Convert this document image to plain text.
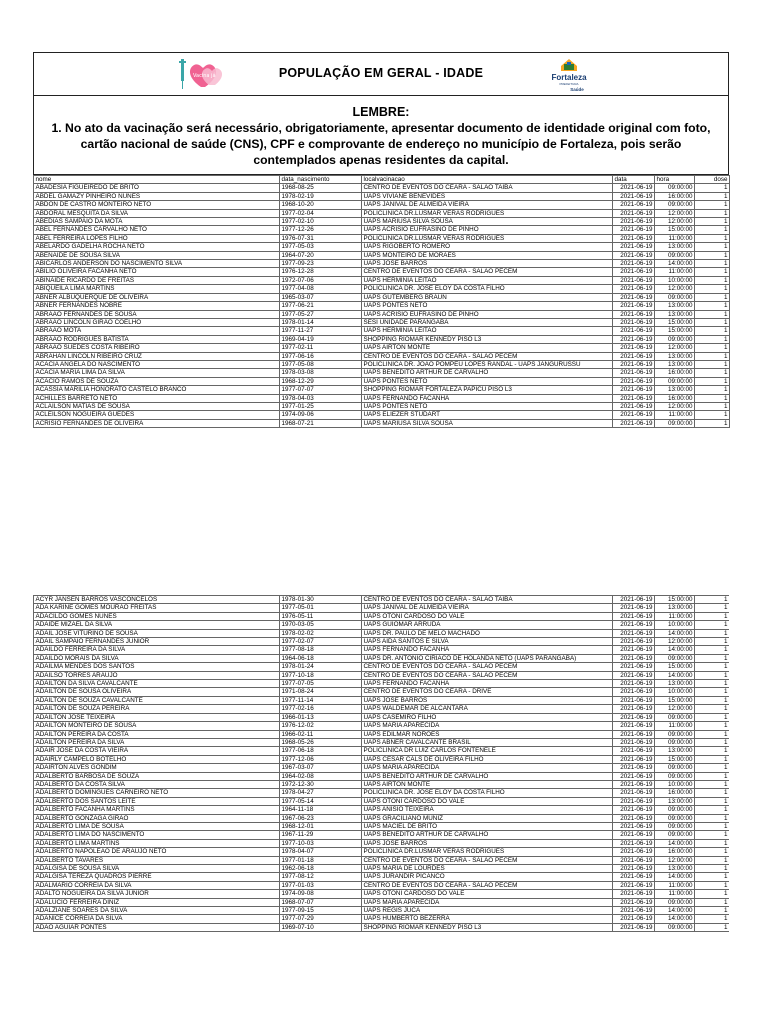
Vacina já	POPULAÇÃO EM GERAL - IDADE	Fortaleza
PREFEITURA
Saúde
LEMBRE:
1. No ato da vacinação será necessário, obrigatoriamente, apresentar documento de identidade original com foto, cartão nacional de saúde (CNS), CPF e comprovante de endereço no município de Fortaleza, pois serão contemplados apenas residentes da capital.
nome	data_nascimento	localvacinacao	data	hora	dose
ABADESIA FIGUEIREDO DE BRITO	1968-08-25	CENTRO DE EVENTOS DO CEARA - SALAO TAIBA	2021-06-19	09:00:00	1
ABDEL GAMAZY PINHEIRO NUNES	1978-02-19	UAPS VIVIANE BENEVIDES	2021-06-19	16:00:00	1
ABDON DE CASTRO MONTEIRO NETO	1968-10-20	UAPS JANIVAL DE ALMEIDA VIEIRA	2021-06-19	09:00:00	1
ABDORAL MESQUITA DA SILVA	1977-02-04	POLICLINICA DR.LUSMAR VERAS RODRIGUES	2021-06-19	12:00:00	1
ABEDIAS SAMPAIO DA MOTA	1977-02-10	UAPS MARIUSA SILVA SOUSA	2021-06-19	12:00:00	1
ABEL FERNANDES CARVALHO NETO	1977-12-26	UAPS ACRISIO EUFRASINO DE PINHO	2021-06-19	15:00:00	1
ABEL FERREIRA LOPES FILHO	1976-07-31	POLICLINICA DR.LUSMAR VERAS RODRIGUES	2021-06-19	11:00:00	1
ABELARDO GADELHA ROCHA NETO	1977-05-03	UAPS RIGOBERTO ROMERO	2021-06-19	13:00:00	1
ABENAIDE DE SOUSA SILVA	1964-07-20	UAPS MONTEIRO DE MORAES	2021-06-19	09:00:00	1
ABICARLOS ANDERSON DO NASCIMENTO SILVA	1977-09-23	UAPS JOSE BARROS	2021-06-19	14:00:00	1
ABILIO OLIVEIRA FACANHA NETO	1976-12-28	CENTRO DE EVENTOS DO CEARA - SALAO PECEM	2021-06-19	11:00:00	1
ABINAIDE RICARDO DE FREITAS	1972-07-06	UAPS HERMINIA LEITAO	2021-06-19	10:00:00	1
ABIQUEILA LIMA MARTINS	1977-04-08	POLICLINICA DR. JOSE ELOY DA COSTA FILHO	2021-06-19	12:00:00	1
ABNER ALBUQUERQUE DE OLIVEIRA	1965-03-07	UAPS GUTEMBERG BRAUN	2021-06-19	09:00:00	1
ABNER FERNANDES NOBRE	1977-06-21	UAPS PONTES NETO	2021-06-19	13:00:00	1
ABRAAO FERNANDES DE SOUSA	1977-05-27	UAPS ACRISIO EUFRASINO DE PINHO	2021-06-19	13:00:00	1
ABRAAO LINCOLN GIRAO COELHO	1978-01-14	SESI UNIDADE PARANGABA	2021-06-19	15:00:00	1
ABRAAO MOTA	1977-11-27	UAPS HERMINIA LEITAO	2021-06-19	15:00:00	1
ABRAAO RODRIGUES BATISTA	1969-04-19	SHOPPING RIOMAR KENNEDY PISO L3	2021-06-19	09:00:00	1
ABRAAO SUEDES COSTA RIBEIRO	1977-02-11	UAPS AIRTON MONTE	2021-06-19	12:00:00	1
ABRAHAN LINCOLN RIBEIRO CRUZ	1977-06-16	CENTRO DE EVENTOS DO CEARA - SALAO PECEM	2021-06-19	13:00:00	1
ACACIA ANGELA DO NASCIMENTO	1977-05-08	POLICLINICA DR. JOAO POMPEU LOPES RANDAL - UAPS JANGURUSSU	2021-06-19	13:00:00	1
ACACIA MARIA LIMA DA SILVA	1978-03-08	UAPS BENEDITO ARTHUR DE CARVALHO	2021-06-19	16:00:00	1
ACACIO RAMOS DE SOUZA	1968-12-29	UAPS PONTES NETO	2021-06-19	09:00:00	1
ACASSIA MARILIA HONORATO CASTELO BRANCO	1977-07-07	SHOPPING RIOMAR FORTALEZA PAPICU PISO L3	2021-06-19	13:00:00	1
ACHILLES BARRETO NETO	1978-04-03	UAPS FERNANDO FACANHA	2021-06-19	16:00:00	1
ACLAILSON MATIAS DE SOUSA	1977-01-25	UAPS PONTES NETO	2021-06-19	12:00:00	1
ACLEILSON NOGUEIRA GUEDES	1974-09-06	UAPS ELIEZER STUDART	2021-06-19	11:00:00	1
ACRISIO FERNANDES DE OLIVEIRA	1968-07-21	UAPS MARIUSA SILVA SOUSA	2021-06-19	09:00:00	1
ACYR JANSEN BARROS VASCONCELOS	1978-01-30	CENTRO DE EVENTOS DO CEARA - SALAO TAIBA	2021-06-19	15:00:00	1
ADA KARINE GOMES MOURAO FREITAS	1977-05-01	UAPS JANIVAL DE ALMEIDA VIEIRA	2021-06-19	13:00:00	1
ADACILDO GOMES NUNES	1976-05-11	UAPS OTONI CARDOSO DO VALE	2021-06-19	11:00:00	1
ADAIDE MIZAEL DA SILVA	1970-03-05	UAPS GUIOMAR ARRUDA	2021-06-19	10:00:00	1
ADAIL JOSE VITURINO DE SOUSA	1978-02-02	UAPS DR. PAULO DE MELO MACHADO	2021-06-19	14:00:00	1
ADAIL SAMPAIO FERNANDES JUNIOR	1977-02-07	UAPS AIDA SANTOS E SILVA	2021-06-19	12:00:00	1
ADAILDO FERREIRA DA SILVA	1977-08-18	UAPS FERNANDO FACANHA	2021-06-19	14:00:00	1
ADAILDO MORAIS DA SILVA	1964-06-18	UAPS DR. ANTONIO CIRIACO DE HOLANDA NETO (UAPS PARANGABA)	2021-06-19	09:00:00	1
ADAILMA MENDES DOS SANTOS	1978-01-24	CENTRO DE EVENTOS DO CEARA - SALAO PECEM	2021-06-19	15:00:00	1
ADAILSO TORRES ARAUJO	1977-10-18	CENTRO DE EVENTOS DO CEARA - SALAO PECEM	2021-06-19	14:00:00	1
ADAILTON DA SILVA CAVALCANTE	1977-07-05	UAPS FERNANDO FACANHA	2021-06-19	13:00:00	1
ADAILTON DE SOUSA OLIVEIRA	1971-08-24	CENTRO DE EVENTOS DO CEARA - DRIVE	2021-06-19	10:00:00	1
ADAILTON DE SOUZA CAVALCANTE	1977-11-14	UAPS JOSE BARROS	2021-06-19	15:00:00	1
ADAILTON DE SOUZA PEREIRA	1977-02-16	UAPS WALDEMAR DE ALCANTARA	2021-06-19	12:00:00	1
ADAILTON JOSE TEIXEIRA	1966-01-13	UAPS CASEMIRO FILHO	2021-06-19	09:00:00	1
ADAILTON MONTEIRO DE SOUSA	1976-12-02	UAPS MARIA APARECIDA	2021-06-19	11:00:00	1
ADAILTON PEREIRA DA COSTA	1966-02-11	UAPS EDILMAR NOROES	2021-06-19	09:00:00	1
ADAILTON PEREIRA DA SILVA	1968-05-26	UAPS ABNER CAVALCANTE BRASIL	2021-06-19	09:00:00	1
ADAIR JOSE DA COSTA VIEIRA	1977-06-18	POLICLINICA DR LUIZ CARLOS FONTENELE	2021-06-19	13:00:00	1
ADAIRLY CAMPELO BOTELHO	1977-12-06	UAPS CESAR CALS DE OLIVEIRA FILHO	2021-06-19	15:00:00	1
ADAIRTON ALVES GONDIM	1967-03-07	UAPS MARIA APARECIDA	2021-06-19	09:00:00	1
ADALBERTO BARBOSA DE SOUZA	1964-02-08	UAPS BENEDITO ARTHUR DE CARVALHO	2021-06-19	09:00:00	1
ADALBERTO DA COSTA SILVA	1972-12-30	UAPS AIRTON MONTE	2021-06-19	10:00:00	1
ADALBERTO DOMINGUES CARNEIRO NETO	1978-04-27	POLICLINICA DR. JOSE ELOY DA COSTA FILHO	2021-06-19	16:00:00	1
ADALBERTO DOS SANTOS LEITE	1977-05-14	UAPS OTONI CARDOSO DO VALE	2021-06-19	13:00:00	1
ADALBERTO FACANHA MARTINS	1964-11-18	UAPS ANISIO TEIXEIRA	2021-06-19	09:00:00	1
ADALBERTO GONZAGA GIRAO	1967-06-23	UAPS GRACILIANO MUNIZ	2021-06-19	09:00:00	1
ADALBERTO LIMA DE SOUSA	1968-12-01	UAPS MACIEL DE BRITO	2021-06-19	09:00:00	1
ADALBERTO LIMA DO NASCIMENTO	1967-11-29	UAPS BENEDITO ARTHUR DE CARVALHO	2021-06-19	09:00:00	1
ADALBERTO LIMA MARTINS	1977-10-03	UAPS JOSE BARROS	2021-06-19	14:00:00	1
ADALBERTO NAPOLEAO DE ARAUJO NETO	1978-04-07	POLICLINICA DR.LUSMAR VERAS RODRIGUES	2021-06-19	16:00:00	1
ADALBERTO TAVARES	1977-01-18	CENTRO DE EVENTOS DO CEARA - SALAO PECEM	2021-06-19	12:00:00	1
ADALGISA DE SOUSA SILVA	1962-06-18	UAPS MARIA DE LOURDES	2021-06-19	13:00:00	1
ADALGISA TEREZA QUADROS PIERRE	1977-08-12	UAPS JURANDIR PICANCO	2021-06-19	14:00:00	1
ADALMARIO CORREIA DA SILVA	1977-01-03	CENTRO DE EVENTOS DO CEARA - SALAO PECEM	2021-06-19	11:00:00	1
ADALTO NOGUEIRA DA SILVA JUNIOR	1974-09-08	UAPS OTONI CARDOSO DO VALE	2021-06-19	11:00:00	1
ADALUCIO FERREIRA DINIZ	1968-07-07	UAPS MARIA APARECIDA	2021-06-19	09:00:00	1
ADALZIANE SOARES DA SILVA	1977-09-15	UAPS REGIS JUCA	2021-06-19	14:00:00	1
ADANICE CORREIA DA SILVA	1977-07-29	UAPS HUMBERTO BEZERRA	2021-06-19	14:00:00	1
ADAO AGUIAR PONTES	1969-07-10	SHOPPING RIOMAR KENNEDY PISO L3	2021-06-19	09:00:00	1
